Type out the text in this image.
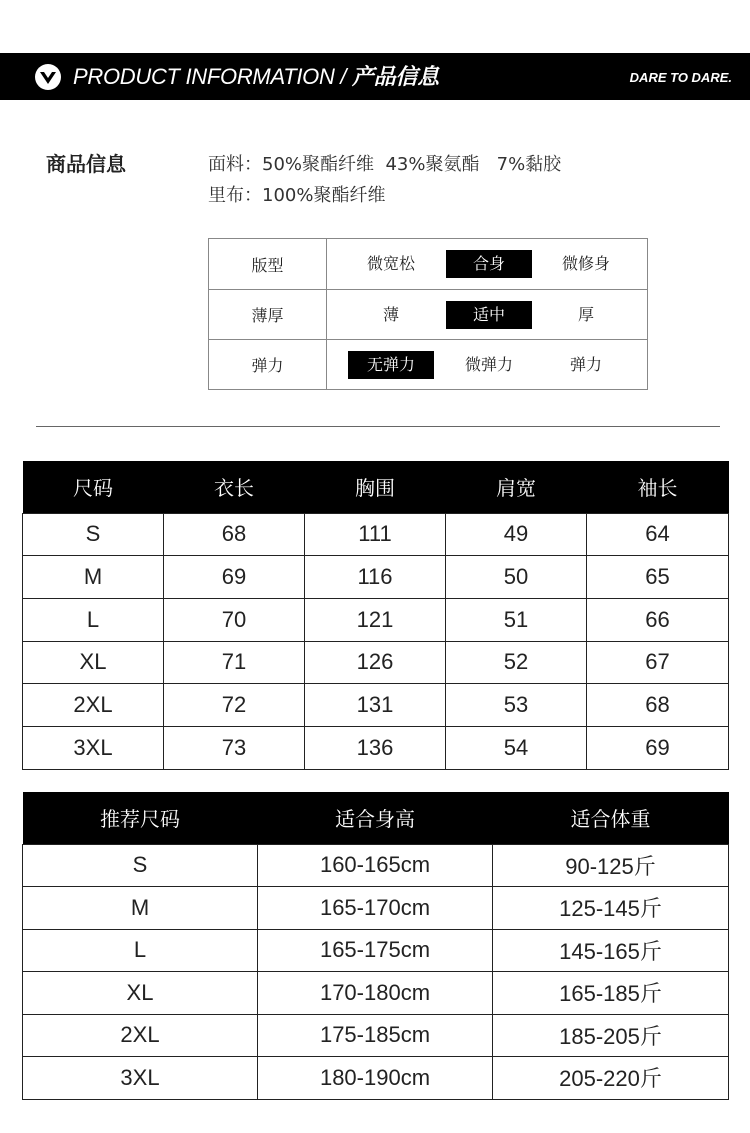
PRODUCT INFORMATION / 产品信息	DARE TO DARE.
商品信息	面料：50%聚酯纤维  43%聚氨酯   7%黏胶
里布：100%聚酯纤维
版型	微宽松	合身	微修身
薄厚	薄	适中	厚
弹力	无弹力	微弹力	弹力
尺码	衣长	胸围	肩宽	袖长
S	68	111	49	64
M	69	116	50	65
L	70	121	51	66
XL	71	126	52	67
2XL	72	131	53	68
3XL	73	136	54	69
推荐尺码	适合身高	适合体重
S	160-165cm	90-125斤
M	165-170cm	125-145斤
L	165-175cm	145-165斤
XL	170-180cm	165-185斤
2XL	175-185cm	185-205斤
3XL	180-190cm	205-220斤
